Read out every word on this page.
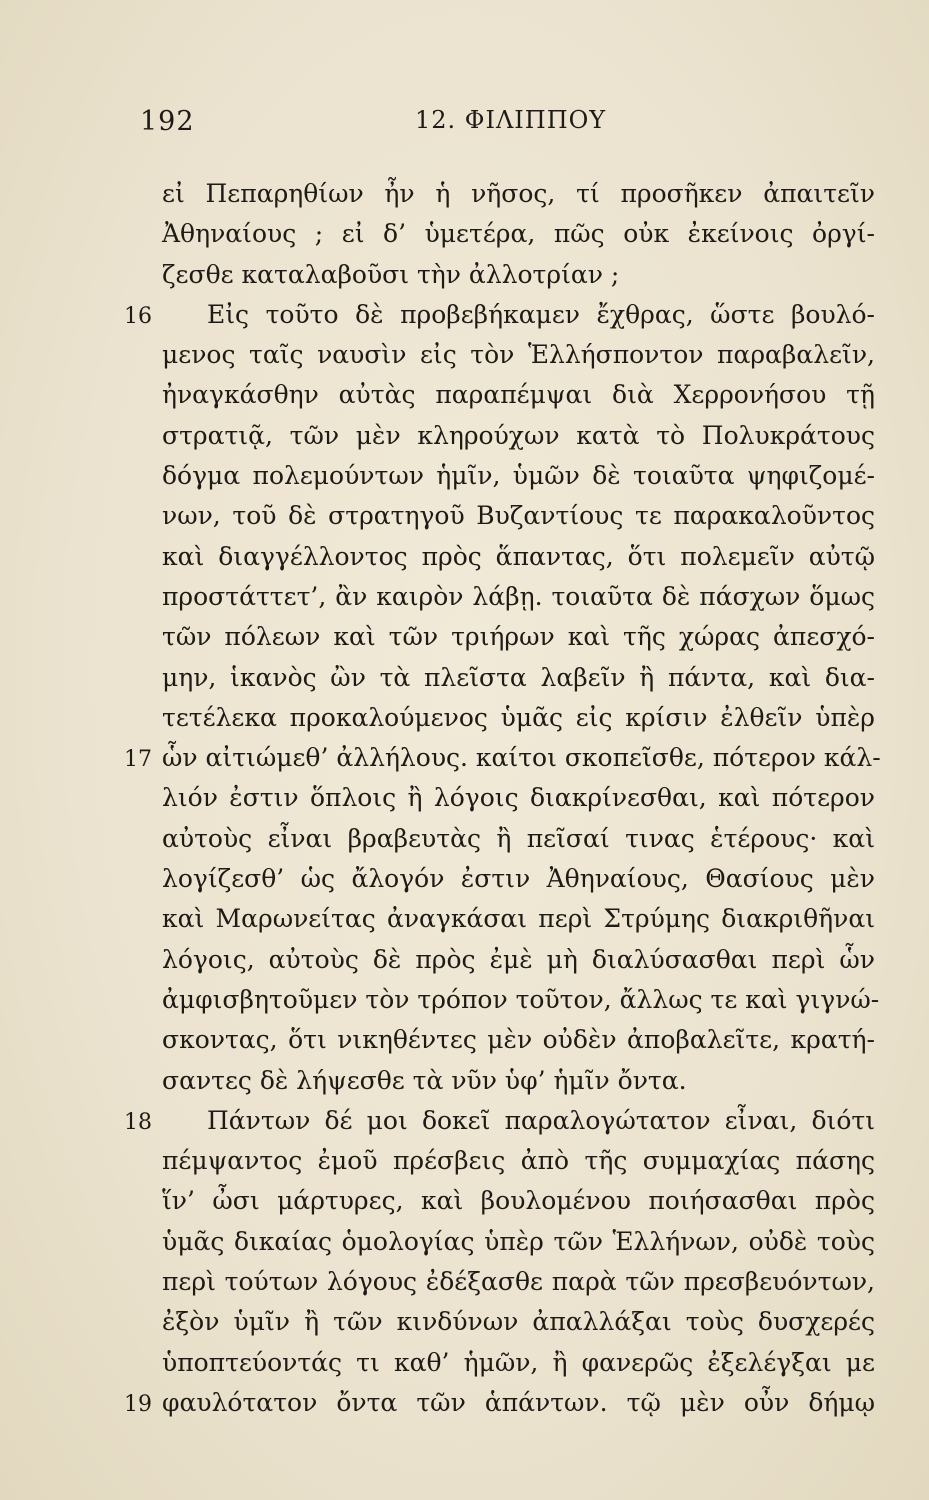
192	12. ΦΙΛΙΠΠΟΥ
εἰ Πεπαρηθίων ἦν ἡ νῆσος, τί προσῆκεν ἀπαιτεῖν
Ἀθηναίους ; εἰ δ’ ὑμετέρα, πῶς οὐκ ἐκείνοις ὀργί-
ζεσθε καταλαβοῦσι τὴν ἀλλοτρίαν ;
16 Εἰς τοῦτο δὲ προβεβήκαμεν ἔχθρας, ὥστε βουλό-
μενος ταῖς ναυσὶν εἰς τὸν Ἑλλήσποντον παραβαλεῖν,
ἠναγκάσθην αὐτὰς παραπέμψαι διὰ Χερρονήσου τῇ
στρατιᾷ, τῶν μὲν κληρούχων κατὰ τὸ Πολυκράτους
δόγμα πολεμούντων ἡμῖν, ὑμῶν δὲ τοιαῦτα ψηφιζομέ-
νων, τοῦ δὲ στρατηγοῦ Βυζαντίους τε παρακαλοῦντος
καὶ διαγγέλλοντος πρὸς ἅπαντας, ὅτι πολεμεῖν αὐτῷ
προστάττετ’, ἂν καιρὸν λάβῃ. τοιαῦτα δὲ πάσχων ὅμως
τῶν πόλεων καὶ τῶν τριήρων καὶ τῆς χώρας ἀπεσχό-
μην, ἱκανὸς ὢν τὰ πλεῖστα λαβεῖν ἢ πάντα, καὶ δια-
τετέλεκα προκαλούμενος ὑμᾶς εἰς κρίσιν ἐλθεῖν ὑπὲρ
17 ὧν αἰτιώμεθ’ ἀλλήλους. καίτοι σκοπεῖσθε, πότερον κάλ-
λιόν ἐστιν ὅπλοις ἢ λόγοις διακρίνεσθαι, καὶ πότερον
αὐτοὺς εἶναι βραβευτὰς ἢ πεῖσαί τινας ἑτέρους· καὶ
λογίζεσθ’ ὡς ἄλογόν ἐστιν Ἀθηναίους, Θασίους μὲν
καὶ Μαρωνείτας ἀναγκάσαι περὶ Στρύμης διακριθῆναι
λόγοις, αὐτοὺς δὲ πρὸς ἐμὲ μὴ διαλύσασθαι περὶ ὧν
ἀμφισβητοῦμεν τὸν τρόπον τοῦτον, ἄλλως τε καὶ γιγνώ-
σκοντας, ὅτι νικηθέντες μὲν οὐδὲν ἀποβαλεῖτε, κρατή-
σαντες δὲ λήψεσθε τὰ νῦν ὑφ’ ἡμῖν ὄντα.
18 Πάντων δέ μοι δοκεῖ παραλογώτατον εἶναι, διότι
πέμψαντος ἐμοῦ πρέσβεις ἀπὸ τῆς συμμαχίας πάσης
ἵν’ ὦσι μάρτυρες, καὶ βουλομένου ποιήσασθαι πρὸς
ὑμᾶς δικαίας ὁμολογίας ὑπὲρ τῶν Ἑλλήνων, οὐδὲ τοὺς
περὶ τούτων λόγους ἐδέξασθε παρὰ τῶν πρεσβευόντων,
ἐξὸν ὑμῖν ἢ τῶν κινδύνων ἀπαλλάξαι τοὺς δυσχερές
ὑποπτεύοντάς τι καθ’ ἡμῶν, ἢ φανερῶς ἐξελέγξαι με
19 φαυλότατον ὄντα τῶν ἁπάντων. τῷ μὲν οὖν δήμῳ
